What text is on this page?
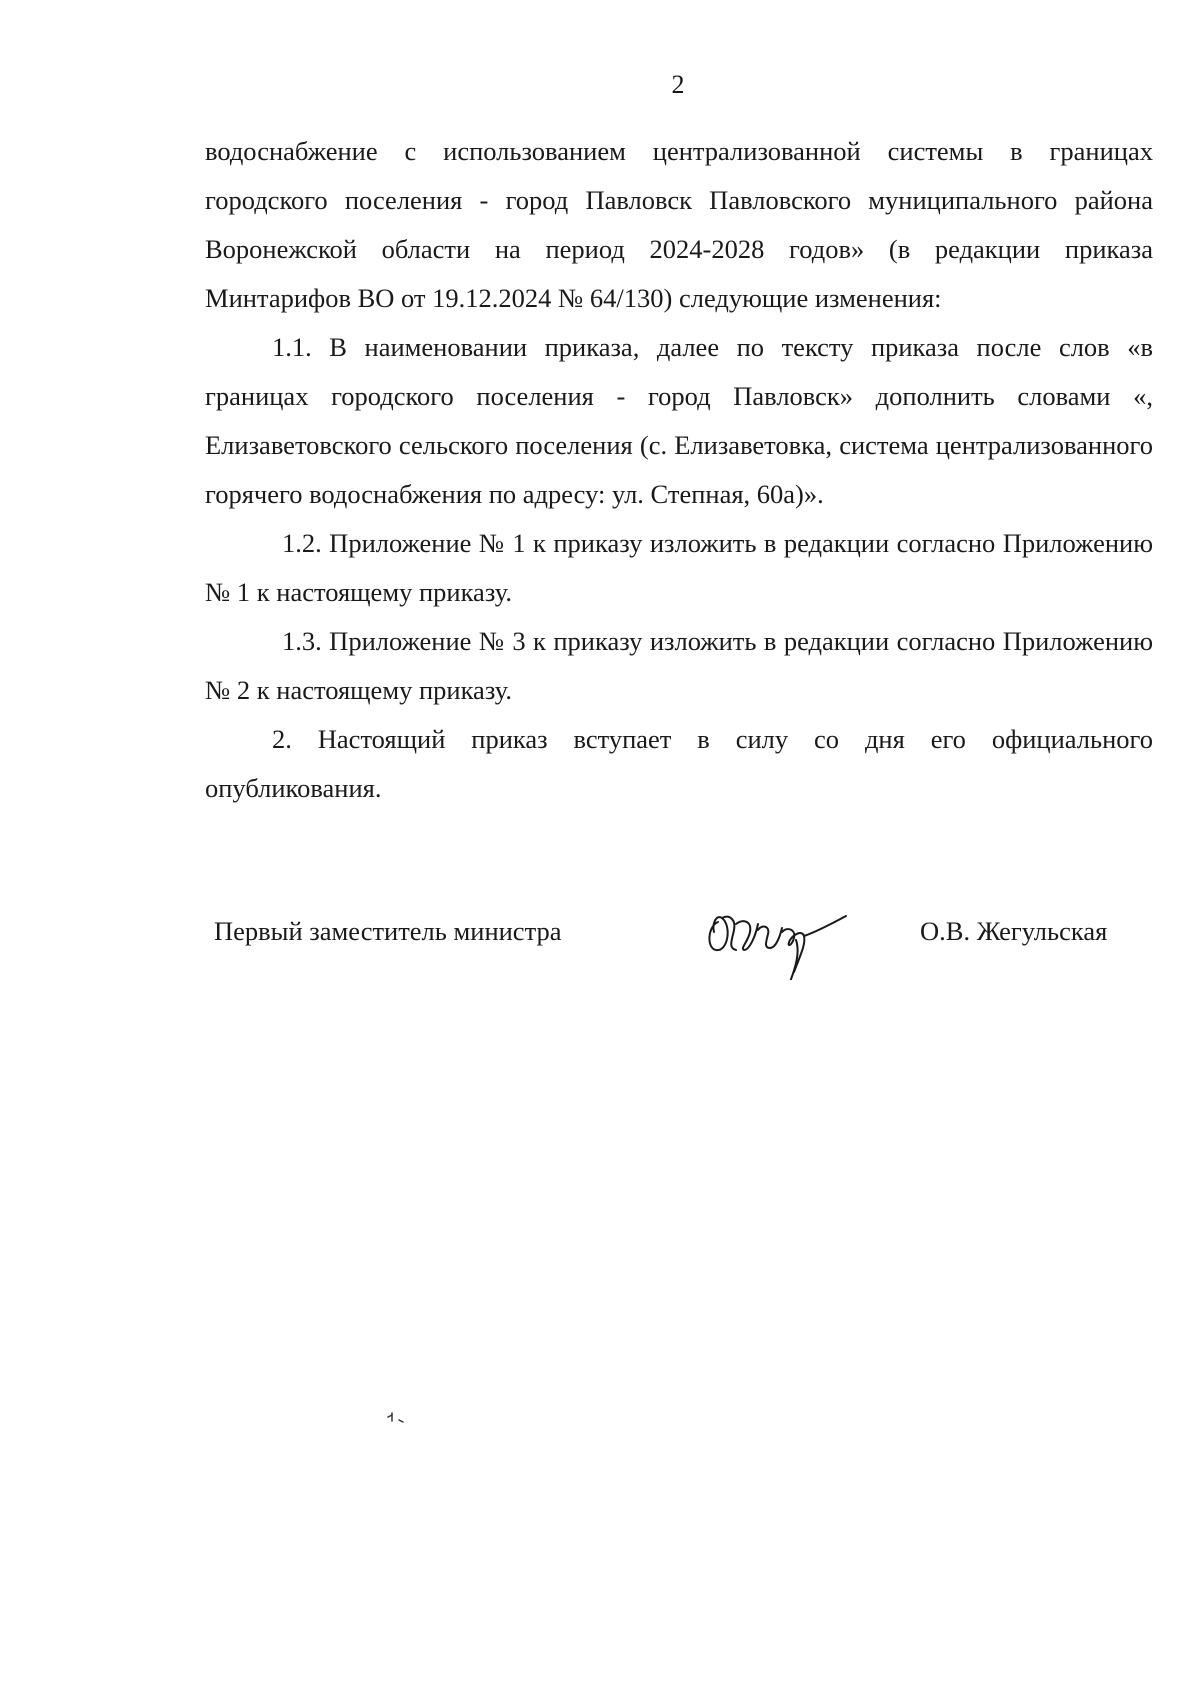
2

водоснабжение с использованием централизованной системы в границах городского поселения - город Павловск Павловского муниципального района Воронежской области на период 2024-2028 годов» (в редакции приказа Минтарифов ВО от 19.12.2024 № 64/130) следующие изменения:

1.1. В наименовании приказа, далее по тексту приказа после слов «в границах городского поселения - город Павловск» дополнить словами «, Елизаветовского сельского поселения (с. Елизаветовка, система централизованного горячего водоснабжения по адресу: ул. Степная, 60а)».

1.2. Приложение № 1 к приказу изложить в редакции согласно Приложению № 1 к настоящему приказу.

1.3. Приложение № 3 к приказу изложить в редакции согласно Приложению № 2 к настоящему приказу.

2. Настоящий приказ вступает в силу со дня его официального опубликования.

Первый заместитель министра	О.В. Жегульская
